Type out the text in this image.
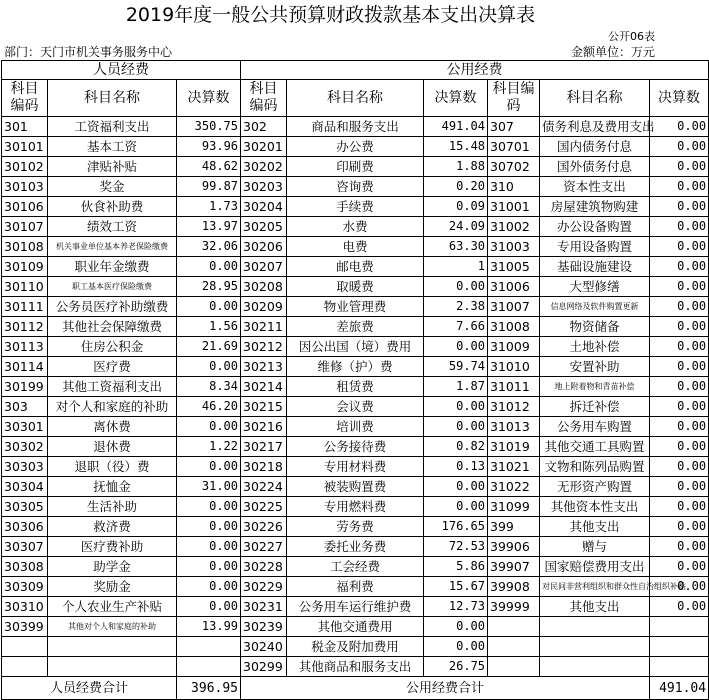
2019年度一般公共预算财政拨款基本支出决算表
公开06表
部门：天门市机关事务服务中心	金额单位：万元
人员经费			公用经费					
科目编码	科目名称	决算数	科目编码	科目名称	决算数	科目编码	科目名称	决算数
301	工资福利支出	350.75	302	商品和服务支出	491.04	307	债务利息及费用支出	0.00
30101	基本工资	93.96	30201	办公费	15.48	30701	国内债务付息	0.00
30102	津贴补贴	48.62	30202	印刷费	1.88	30702	国外债务付息	0.00
30103	奖金	99.87	30203	咨询费	0.20	310	资本性支出	0.00
30106	伙食补助费	1.73	30204	手续费	0.09	31001	房屋建筑物购建	0.00
30107	绩效工资	13.97	30205	水费	24.09	31002	办公设备购置	0.00
30108	机关事业单位基本养老保险缴费	32.06	30206	电费	63.30	31003	专用设备购置	0.00
30109	职业年金缴费	0.00	30207	邮电费	1	31005	基础设施建设	0.00
30110	职工基本医疗保险缴费	28.95	30208	取暖费	0.00	31006	大型修缮	0.00
30111	公务员医疗补助缴费	0.00	30209	物业管理费	2.38	31007	信息网络及软件购置更新	0.00
30112	其他社会保障缴费	1.56	30211	差旅费	7.66	31008	物资储备	0.00
30113	住房公积金	21.69	30212	因公出国（境）费用	0.00	31009	土地补偿	0.00
30114	医疗费	0.00	30213	维修（护）费	59.74	31010	安置补助	0.00
30199	其他工资福利支出	8.34	30214	租赁费	1.87	31011	地上附着物和青苗补偿	0.00
303	对个人和家庭的补助	46.20	30215	会议费	0.00	31012	拆迁补偿	0.00
30301	离休费	0.00	30216	培训费	0.00	31013	公务用车购置	0.00
30302	退休费	1.22	30217	公务接待费	0.82	31019	其他交通工具购置	0.00
30303	退职（役）费	0.00	30218	专用材料费	0.13	31021	文物和陈列品购置	0.00
30304	抚恤金	31.00	30224	被装购置费	0.00	31022	无形资产购置	0.00
30305	生活补助	0.00	30225	专用燃料费	0.00	31099	其他资本性支出	0.00
30306	救济费	0.00	30226	劳务费	176.65	399	其他支出	0.00
30307	医疗费补助	0.00	30227	委托业务费	72.53	39906	赠与	0.00
30308	助学金	0.00	30228	工会经费	5.86	39907	国家赔偿费用支出	0.00
30309	奖励金	0.00	30229	福利费	15.67	39908	对民间非营利组织和群众性自治组织补贴	0.00
30310	个人农业生产补贴	0.00	30231	公务用车运行维护费	12.73	39999	其他支出	0.00
30399	其他对个人和家庭的补助	13.99	30239	其他交通费用	0.00			
			30240	税金及附加费用	0.00			
			30299	其他商品和服务支出	26.75			
人员经费合计		396.95	公用经费合计					491.04
